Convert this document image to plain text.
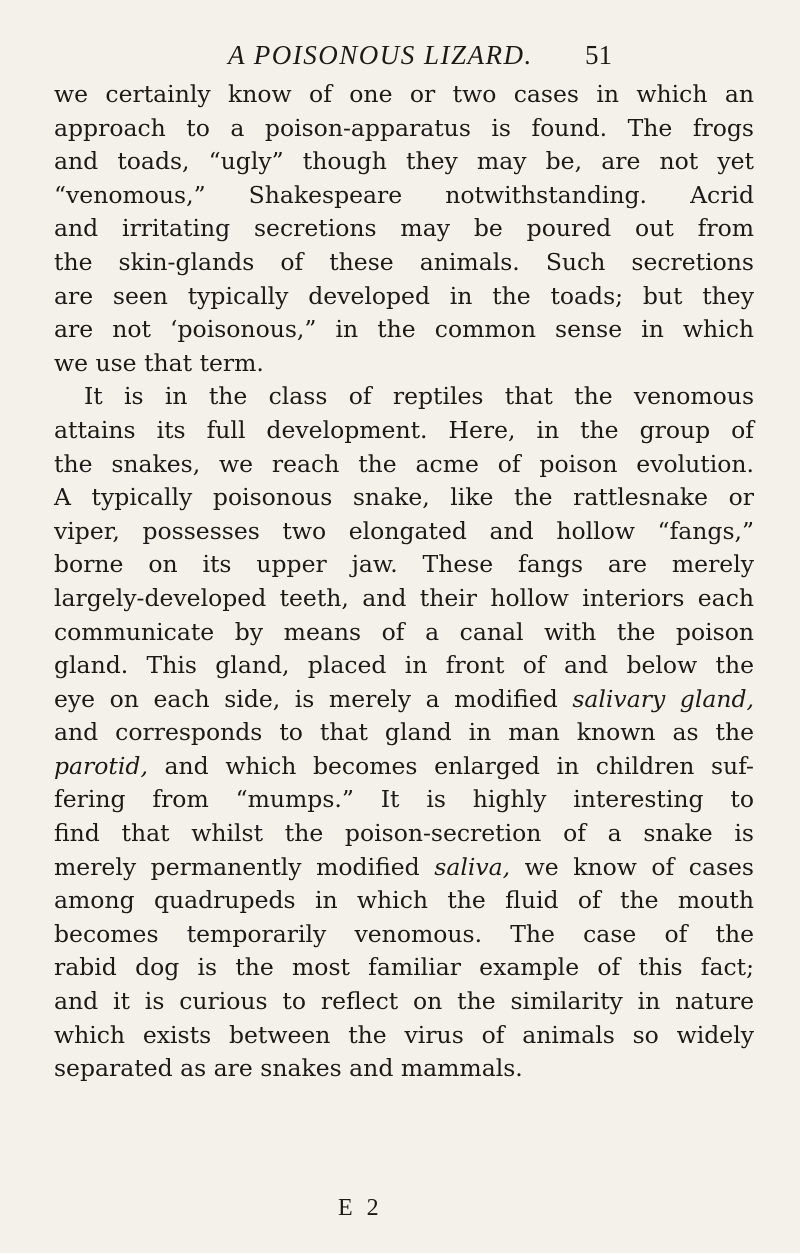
A POISONOUS LIZARD. 51
we certainly know of one or two cases in which an
approach to a poison-apparatus is found. The frogs
and toads, “ugly” though they may be, are not yet
“venomous,” Shakespeare notwithstanding. Acrid
and irritating secretions may be poured out from
the skin-glands of these animals. Such secretions
are seen typically developed in the toads; but they
are not ‘poisonous,” in the common sense in which
we use that term.
It is in the class of reptiles that the venomous
attains its full development. Here, in the group of
the snakes, we reach the acme of poison evolution.
A typically poisonous snake, like the rattlesnake or
viper, possesses two elongated and hollow “fangs,”
borne on its upper jaw. These fangs are merely
largely-developed teeth, and their hollow interiors each
communicate by means of a canal with the poison
gland. This gland, placed in front of and below the
eye on each side, is merely a modified salivary gland,
and corresponds to that gland in man known as the
parotid, and which becomes enlarged in children suf-
fering from “mumps.” It is highly interesting to
find that whilst the poison-secretion of a snake is
merely permanently modified saliva, we know of cases
among quadrupeds in which the fluid of the mouth
becomes temporarily venomous. The case of the
rabid dog is the most familiar example of this fact;
and it is curious to reflect on the similarity in nature
which exists between the virus of animals so widely
separated as are snakes and mammals.
E 2
